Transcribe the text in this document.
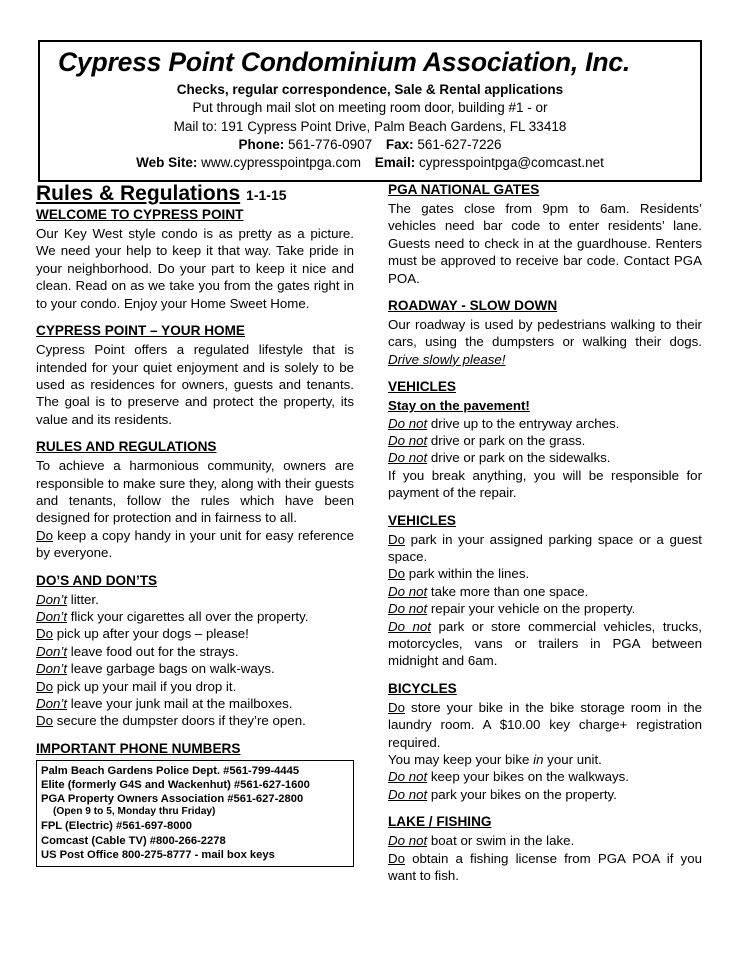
Cypress Point Condominium Association, Inc.
Checks, regular correspondence, Sale & Rental applications
Put through mail slot on meeting room door, building #1 - or
Mail to: 191 Cypress Point Drive, Palm Beach Gardens, FL 33418
Phone: 561-776-0907 Fax: 561-627-7226
Web Site: www.cypresspointpga.com Email: cypresspointpga@comcast.net
Rules & Regulations 1-1-15
WELCOME TO CYPRESS POINT

Our Key West style condo is as pretty as a picture. We need your help to keep it that way. Take pride in your neighborhood. Do your part to keep it nice and clean. Read on as we take you from the gates right in to your condo. Enjoy your Home Sweet Home.

CYPRESS POINT – YOUR HOME

Cypress Point offers a regulated lifestyle that is intended for your quiet enjoyment and is solely to be used as residences for owners, guests and tenants. The goal is to preserve and protect the property, its value and its residents.

RULES AND REGULATIONS

To achieve a harmonious community, owners are responsible to make sure they, along with their guests and tenants, follow the rules which have been designed for protection and in fairness to all.

Do keep a copy handy in your unit for easy reference by everyone.

DO’S AND DON’TS

Don’t litter.

Don’t flick your cigarettes all over the property.

Do pick up after your dogs – please!

Don’t leave food out for the strays.

Don’t leave garbage bags on walk-ways.

Do pick up your mail if you drop it.

Don’t leave your junk mail at the mailboxes.

Do secure the dumpster doors if they’re open.

IMPORTANT PHONE NUMBERS

Palm Beach Gardens Police Dept. #561-799-4445

Elite (formerly G4S and Wackenhut) #561-627-1600

PGA Property Owners Association #561-627-2800

(Open 9 to 5, Monday thru Friday)

FPL (Electric) #561-697-8000

Comcast (Cable TV) #800-266-2278

US Post Office 800-275-8777 - mail box keys

PGA NATIONAL GATES

The gates close from 9pm to 6am. Residents’ vehicles need bar code to enter residents’ lane. Guests need to check in at the guardhouse. Renters must be approved to receive bar code. Contact PGA POA.

ROADWAY - SLOW DOWN

Our roadway is used by pedestrians walking to their cars, using the dumpsters or walking their dogs. Drive slowly please!

VEHICLES

Stay on the pavement!

Do not drive up to the entryway arches.

Do not drive or park on the grass.

Do not drive or park on the sidewalks.

If you break anything, you will be responsible for payment of the repair.

VEHICLES

Do park in your assigned parking space or a guest space.

Do park within the lines.

Do not take more than one space.

Do not repair your vehicle on the property.

Do not park or store commercial vehicles, trucks, motorcycles, vans or trailers in PGA between midnight and 6am.

BICYCLES

Do store your bike in the bike storage room in the laundry room. A $10.00 key charge+ registration required.

You may keep your bike in your unit.

Do not keep your bikes on the walkways.

Do not park your bikes on the property.

LAKE / FISHING

Do not boat or swim in the lake.

Do obtain a fishing license from PGA POA if you want to fish.
